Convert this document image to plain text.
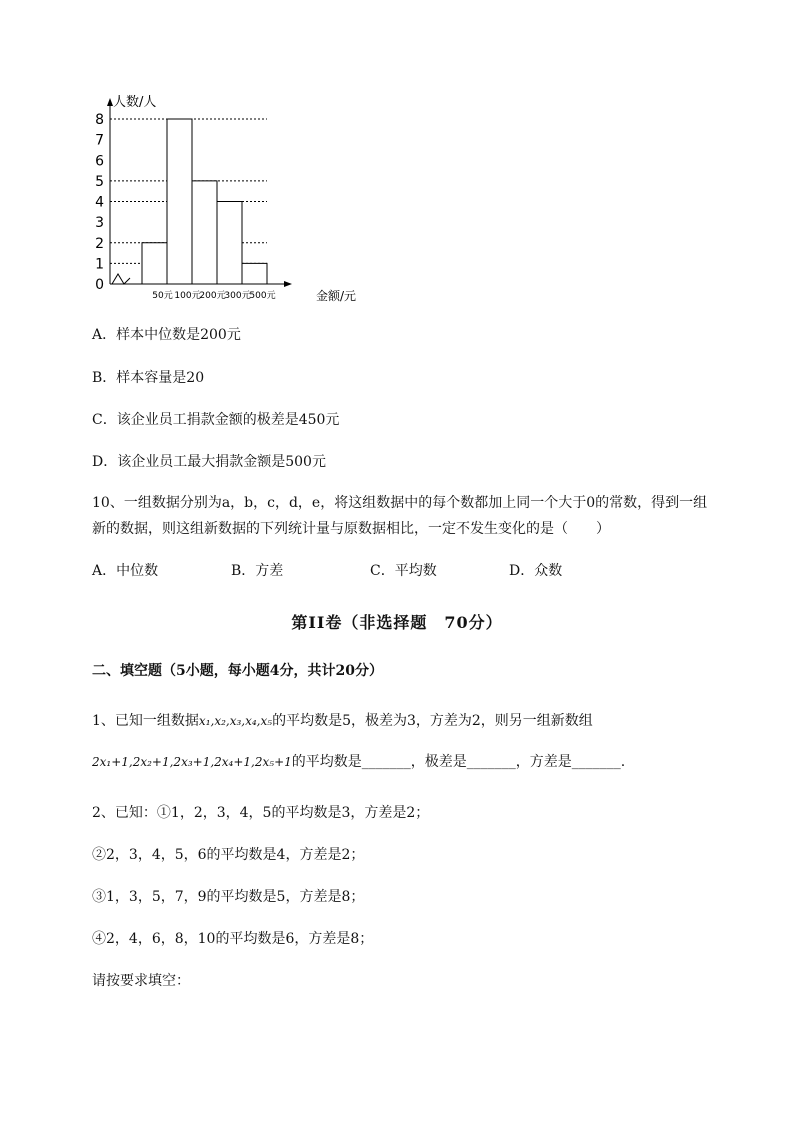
人数/人
金额/元
0
1
2
3
4
5
6
7
8
50元 100元
200元
300元
500元
A．样本中位数是200元
B．样本容量是20
C．该企业员工捐款金额的极差是450元
D．该企业员工最大捐款金额是500元
10、一组数据分别为a，b，c，d，e，将这组数据中的每个数都加上同一个大于0的常数，得到一组
新的数据，则这组新数据的下列统计量与原数据相比，一定不发生变化的是（　　）
A．中位数	B．方差	C．平均数	D．众数
第II卷（非选择题　70分）
二、填空题（5小题，每小题4分，共计20分）
1、已知一组数据x₁,x₂,x₃,x₄,x₅的平均数是5，极差为3，方差为2，则另一组新数组
2x₁+1,2x₂+1,2x₃+1,2x₄+1,2x₅+1的平均数是_______，极差是_______，方差是_______.
2、已知：①1，2，3，4，5的平均数是3，方差是2；
②2，3，4，5，6的平均数是4，方差是2；
③1，3，5，7，9的平均数是5，方差是8；
④2，4，6，8，10的平均数是6，方差是8；
请按要求填空：
